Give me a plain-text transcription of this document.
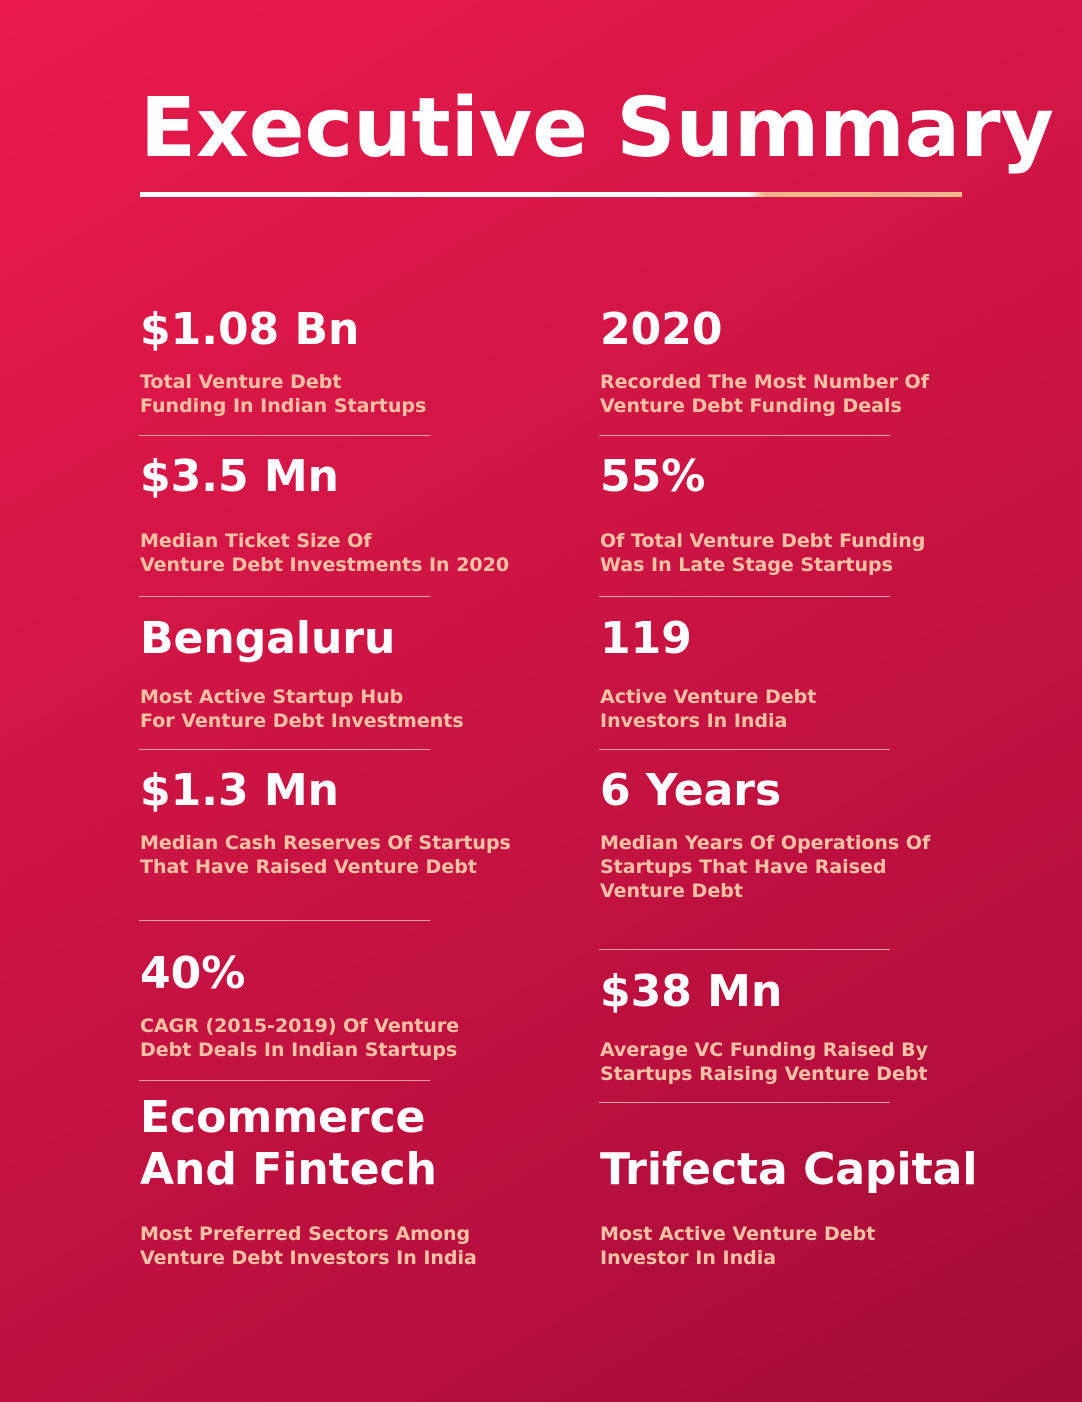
Executive Summary
$1.08 Bn
Total Venture Debt
Funding In Indian Startups
$3.5 Mn
Median Ticket Size Of
Venture Debt Investments In 2020
Bengaluru
Most Active Startup Hub
For Venture Debt Investments
$1.3 Mn
Median Cash Reserves Of Startups
That Have Raised Venture Debt
40%
CAGR (2015-2019) Of Venture
Debt Deals In Indian Startups
Ecommerce
And Fintech
Most Preferred Sectors Among
Venture Debt Investors In India
2020
Recorded The Most Number Of
Venture Debt Funding Deals
55%
Of Total Venture Debt Funding
Was In Late Stage Startups
119
Active Venture Debt
Investors In India
6 Years
Median Years Of Operations Of
Startups That Have Raised
Venture Debt
$38 Mn
Average VC Funding Raised By
Startups Raising Venture Debt
Trifecta Capital
Most Active Venture Debt
Investor In India
